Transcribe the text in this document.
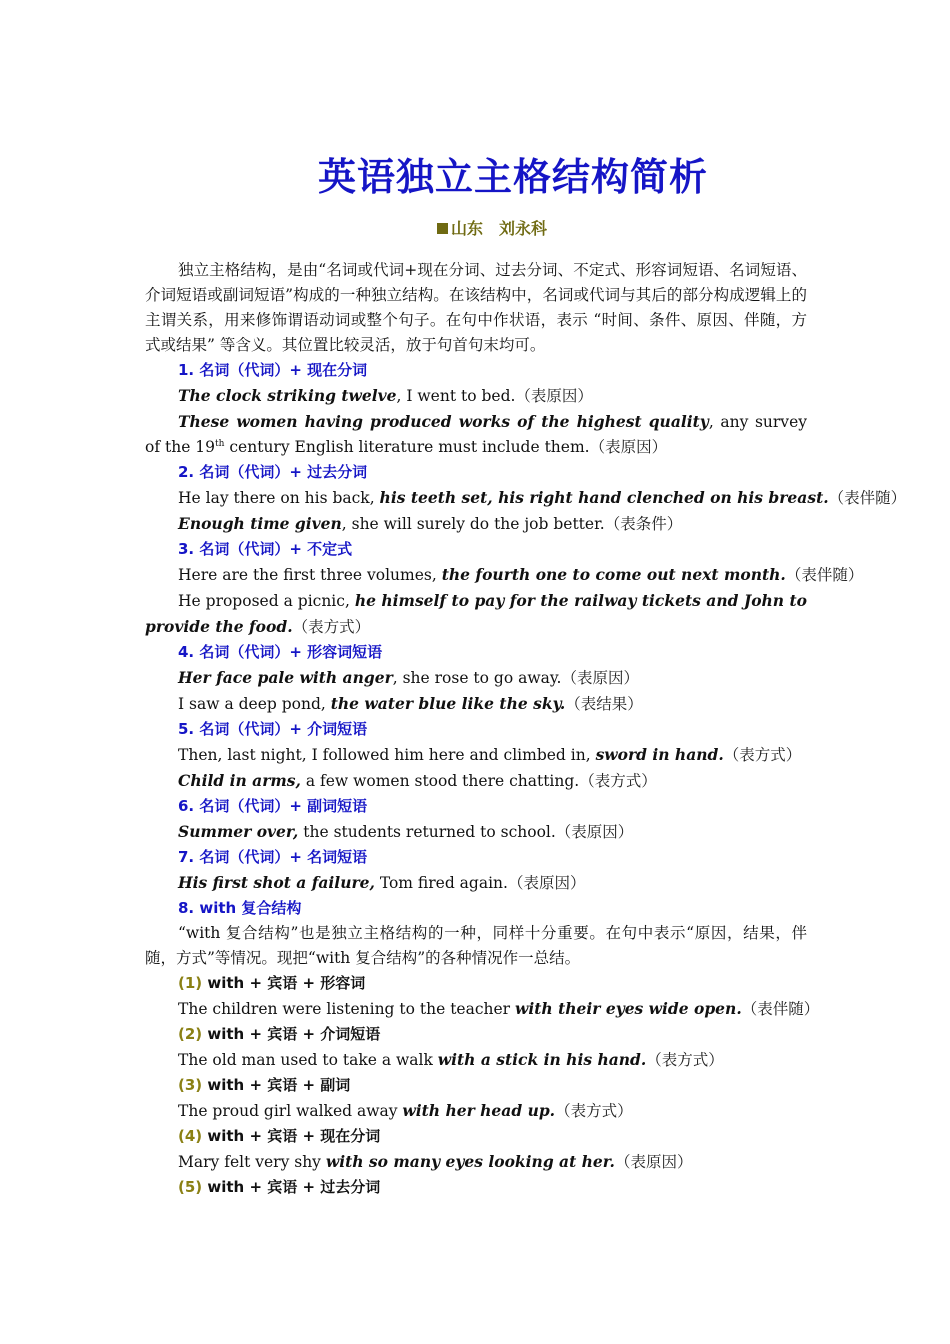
英语独立主格结构简析
山东　刘永科

独立主格结构，是由“名词或代词+现在分词、过去分词、不定式、形容词短语、名词短语、介词短语或副词短语”构成的一种独立结构。在该结构中，名词或代词与其后的部分构成逻辑上的主谓关系，用来修饰谓语动词或整个句子。在句中作状语，表示 “时间、条件、原因、伴随，方式或结果” 等含义。其位置比较灵活，放于句首句末均可。

1. 名词（代词）+ 现在分词

The clock striking twelve, I went to bed.（表原因）

These women having produced works of the highest quality, any survey of the 19th century English literature must include them.（表原因）

2. 名词（代词）+ 过去分词

He lay there on his back, his teeth set, his right hand clenched on his breast.（表伴随）

Enough time given, she will surely do the job better.（表条件）

3. 名词（代词）+ 不定式

Here are the first three volumes, the fourth one to come out next month.（表伴随）

He proposed a picnic, he himself to pay for the railway tickets and John to provide the food.（表方式）

4. 名词（代词）+ 形容词短语

Her face pale with anger, she rose to go away.（表原因）

I saw a deep pond, the water blue like the sky.（表结果）

5. 名词（代词）+ 介词短语

Then, last night, I followed him here and climbed in, sword in hand.（表方式）

Child in arms, a few women stood there chatting.（表方式）

6. 名词（代词）+ 副词短语

Summer over, the students returned to school.（表原因）

7. 名词（代词）+ 名词短语

His first shot a failure, Tom fired again.（表原因）

8. with 复合结构

“with 复合结构”也是独立主格结构的一种，同样十分重要。在句中表示“原因，结果，伴随，方式”等情况。现把“with 复合结构”的各种情况作一总结。

(1) with + 宾语 + 形容词

The children were listening to the teacher with their eyes wide open.（表伴随）

(2) with + 宾语 + 介词短语

The old man used to take a walk with a stick in his hand.（表方式）

(3) with + 宾语 + 副词

The proud girl walked away with her head up.（表方式）

(4) with + 宾语 + 现在分词

Mary felt very shy with so many eyes looking at her.（表原因）

(5) with + 宾语 + 过去分词
